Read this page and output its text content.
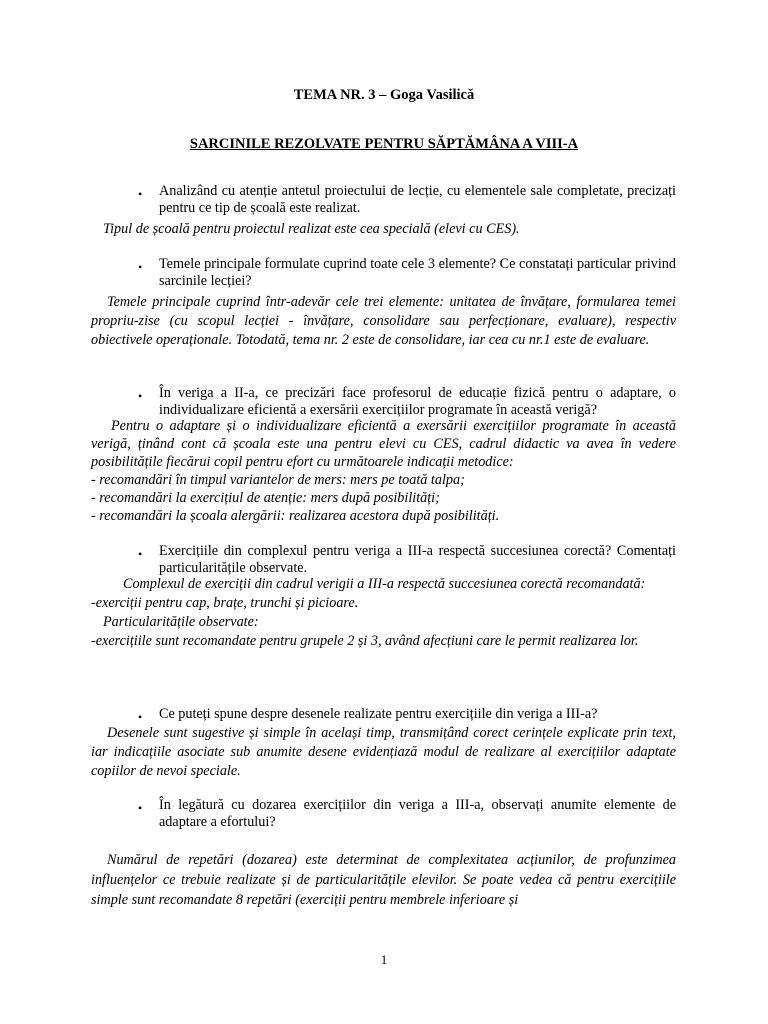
TEMA NR. 3 – Goga Vasilică
SARCINILE REZOLVATE PENTRU SĂPTĂMÂNA A VIII-A
• Analizând cu atenție antetul proiectului de lecție, cu elementele sale completate, precizați pentru ce tip de școală este realizat.

Tipul de școală pentru proiectul realizat este cea specială (elevi cu CES).

• Temele principale formulate cuprind toate cele 3 elemente? Ce constatați particular privind sarcinile lecției?

Temele principale cuprind într-adevăr cele trei elemente: unitatea de învățare, formularea temei propriu-zise (cu scopul lecției - învățare, consolidare sau perfecționare, evaluare), respectiv obiectivele operaționale. Totodată, tema nr. 2 este de consolidare, iar cea cu nr.1 este de evaluare.

• În veriga a II-a, ce precizări face profesorul de educație fizică pentru o adaptare, o individualizare eficientă a exersării exercițiilor programate în această verigă?

Pentru o adaptare și o individualizare eficientă a exersării exercițiilor programate în această verigă, ținând cont că școala este una pentru elevi cu CES, cadrul didactic va avea în vedere posibilitățile fiecărui copil pentru efort cu următoarele indicații metodice:
- recomandări în timpul variantelor de mers: mers pe toată talpa;
- recomandări la exercițiul de atenție: mers după posibilități;
- recomandări la școala alergării: realizarea acestora după posibilități.

• Exercițiile din complexul pentru veriga a III-a respectă succesiunea corectă? Comentați particularitățile observate.

Complexul de exerciții din cadrul verigii a III-a respectă succesiunea corectă recomandată:
-exerciții pentru cap, brațe, trunchi și picioare.
Particularitățile observate:
-exercițiile sunt recomandate pentru grupele 2 și 3, având afecțiuni care le permit realizarea lor.

• Ce puteți spune despre desenele realizate pentru exercițiile din veriga a III-a?

Desenele sunt sugestive și simple în același timp, transmițând corect cerințele explicate prin text, iar indicațiile asociate sub anumite desene evidențiază modul de realizare al exercițiilor adaptate copiilor de nevoi speciale.

• În legătură cu dozarea exercițiilor din veriga a III-a, observați anumite elemente de adaptare a efortului?

Numărul de repetări (dozarea) este determinat de complexitatea acțiunilor, de profunzimea influențelor ce trebuie realizate și de particularitățile elevilor. Se poate vedea că pentru exercițiile simple sunt recomandate 8 repetări (exerciții pentru membrele inferioare și

1
